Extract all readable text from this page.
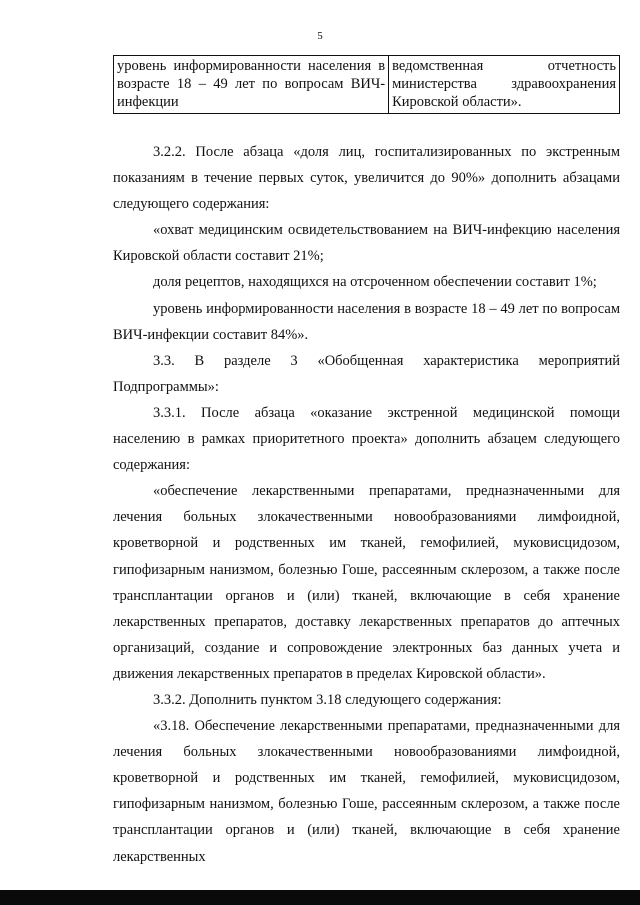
5
уровень информированности населения в возрасте 18 – 49 лет по вопросам ВИЧ-инфекции	ведомственная отчетность министерства здравоохранения Кировской области».

3.2.2. После абзаца «доля лиц, госпитализированных по экстренным показаниям в течение первых суток, увеличится до 90%» дополнить абзацами следующего содержания:

«охват медицинским освидетельствованием на ВИЧ-инфекцию населения Кировской области составит 21%;

доля рецептов, находящихся на отсроченном обеспечении составит 1%;

уровень информированности населения в возрасте 18 – 49 лет по вопросам ВИЧ-инфекции составит 84%».

3.3. В разделе 3 «Обобщенная характеристика мероприятий Подпрограммы»:

3.3.1. После абзаца «оказание экстренной медицинской помощи населению в рамках приоритетного проекта» дополнить абзацем следующего содержания:

«обеспечение лекарственными препаратами, предназначенными для лечения больных злокачественными новообразованиями лимфоидной, кроветворной и родственных им тканей, гемофилией, муковисцидозом, гипофизарным нанизмом, болезнью Гоше, рассеянным склерозом, а также после трансплантации органов и (или) тканей, включающие в себя хранение лекарственных препаратов, доставку лекарственных препаратов до аптечных организаций, создание и сопровождение электронных баз данных учета и движения лекарственных препаратов в пределах Кировской области».

3.3.2. Дополнить пунктом 3.18 следующего содержания:

«3.18. Обеспечение лекарственными препаратами, предназначенными для лечения больных злокачественными новообразованиями лимфоидной, кроветворной и родственных им тканей, гемофилией, муковисцидозом, гипофизарным нанизмом, болезнью Гоше, рассеянным склерозом, а также после трансплантации органов и (или) тканей, включающие в себя хранение лекарственных
